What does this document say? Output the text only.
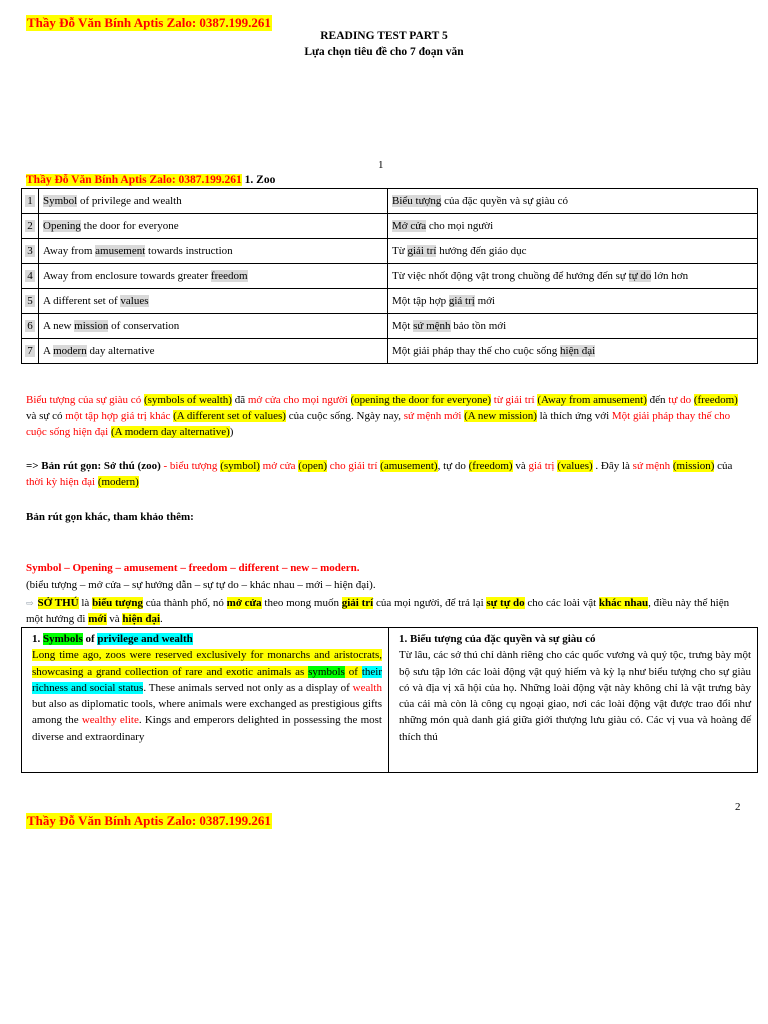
Thầy Đỗ Văn Bính Aptis Zalo: 0387.199.261
READING TEST PART 5
Lựa chọn tiêu đề cho 7 đoạn văn
1
Thầy Đỗ Văn Bính Aptis Zalo: 0387.199.261 1. Zoo
1	Symbol of privilege and wealth	Biểu tượng của đặc quyền và sự giàu có
2	Opening the door for everyone	Mở cửa cho mọi người
3	Away from amusement towards instruction	Từ giải trí hướng đến giáo dục
4	Away from enclosure towards greater freedom	Từ việc nhốt động vật trong chuồng để hướng đến sự tự do lớn hơn
5	A different set of values	Một tập hợp giá trị mới
6	A new mission of conservation	Một sứ mệnh bảo tồn mới
7	A modern day alternative	Một giải pháp thay thế cho cuộc sống hiện đại
Biểu tượng của sự giàu có (symbols of wealth) đã mở cửa cho mọi người (opening the door for everyone) từ giải trí (Away from amusement) đến tự do (freedom) và sự có một tập hợp giá trị khác (A different set of values) của cuộc sống. Ngày nay, sứ mệnh mới (A new mission) là thích ứng với Một giải pháp thay thế cho cuộc sống hiện đại (A modern day alternative))
=> Bản rút gọn: Sở thú (zoo) - biểu tượng (symbol) mở cửa (open) cho giải trí (amusement), tự do (freedom) và giá trị (values) . Đây là sứ mệnh (mission) của thời kỳ hiện đại (modern)
Bản rút gọn khác, tham khảo thêm:
Symbol – Opening – amusement – freedom – different – new – modern.
(biểu tượng – mở cửa – sự hướng dẫn – sự tự do – khác nhau – mới – hiện đại).
⇨ SỞ THÚ là biểu tượng của thành phố, nó mở cửa theo mong muốn giải trí của mọi người, để trả lại sự tự do cho các loài vật khác nhau, điều này thể hiện một hướng đi mới và hiện đại.
1. Symbols of privilege and wealth
Long time ago, zoos were reserved exclusively for monarchs and aristocrats, showcasing a grand collection of rare and exotic animals as symbols of their richness and social status. These animals served not only as a display of wealth but also as diplomatic tools, where animals were exchanged as prestigious gifts among the wealthy elite. Kings and emperors delighted in possessing the most diverse and extraordinary

1. Biểu tượng của đặc quyền và sự giàu có
Từ lâu, các sở thú chỉ dành riêng cho các quốc vương và quý tộc, trưng bày một bộ sưu tập lớn các loài động vật quý hiếm và kỳ lạ như biểu tượng cho sự giàu có và địa vị xã hội của họ. Những loài động vật này không chỉ là vật trưng bày của cải mà còn là công cụ ngoại giao, nơi các loài động vật được trao đổi như những món quà danh giá giữa giới thượng lưu giàu có. Các vị vua và hoàng đế thích thú
2
Thầy Đỗ Văn Bính Aptis Zalo: 0387.199.261
